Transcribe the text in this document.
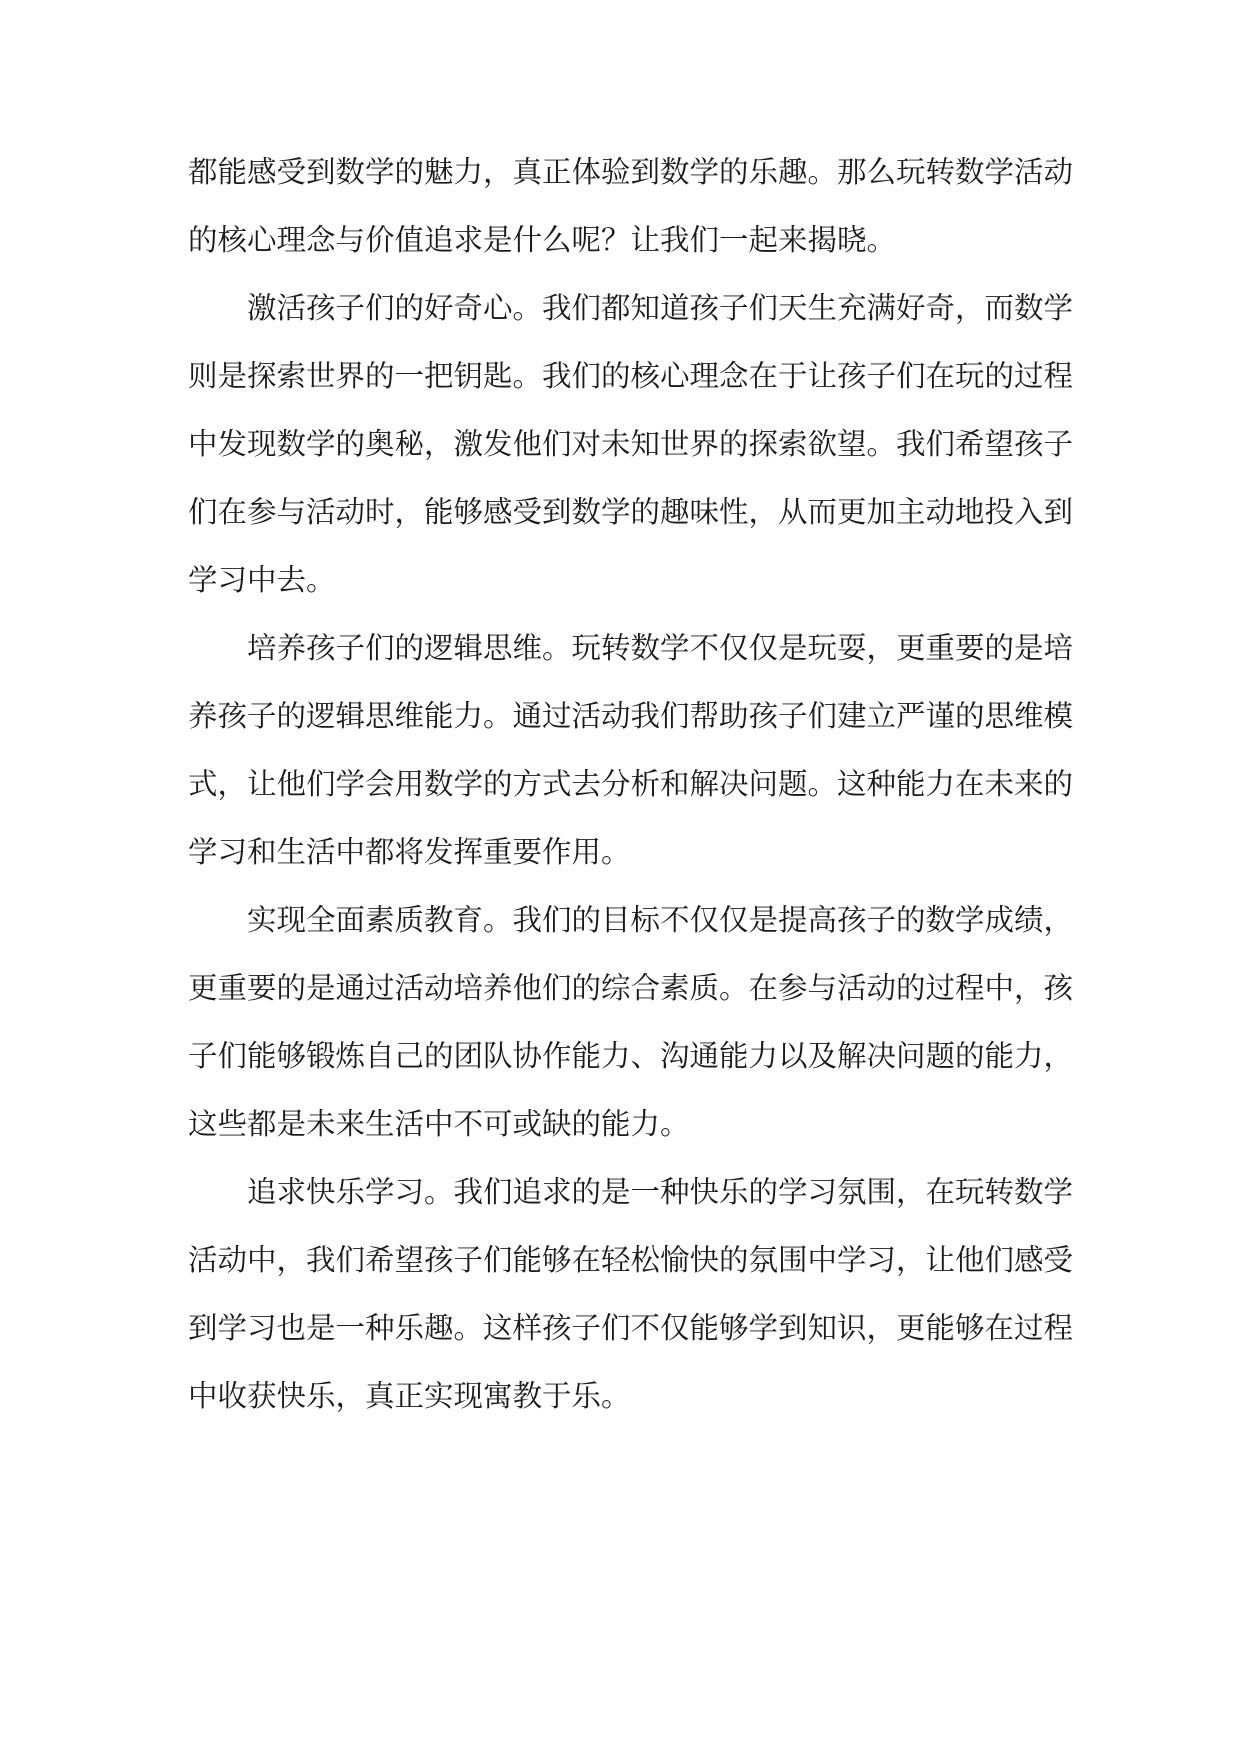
都能感受到数学的魅力，真正体验到数学的乐趣。那么玩转数学活动
的核心理念与价值追求是什么呢？让我们一起来揭晓。
激活孩子们的好奇心。我们都知道孩子们天生充满好奇，而数学
则是探索世界的一把钥匙。我们的核心理念在于让孩子们在玩的过程
中发现数学的奥秘，激发他们对未知世界的探索欲望。我们希望孩子
们在参与活动时，能够感受到数学的趣味性，从而更加主动地投入到
学习中去。
培养孩子们的逻辑思维。玩转数学不仅仅是玩耍，更重要的是培
养孩子的逻辑思维能力。通过活动我们帮助孩子们建立严谨的思维模
式，让他们学会用数学的方式去分析和解决问题。这种能力在未来的
学习和生活中都将发挥重要作用。
实现全面素质教育。我们的目标不仅仅是提高孩子的数学成绩，
更重要的是通过活动培养他们的综合素质。在参与活动的过程中，孩
子们能够锻炼自己的团队协作能力、沟通能力以及解决问题的能力，
这些都是未来生活中不可或缺的能力。
追求快乐学习。我们追求的是一种快乐的学习氛围，在玩转数学
活动中，我们希望孩子们能够在轻松愉快的氛围中学习，让他们感受
到学习也是一种乐趣。这样孩子们不仅能够学到知识，更能够在过程
中收获快乐，真正实现寓教于乐。
